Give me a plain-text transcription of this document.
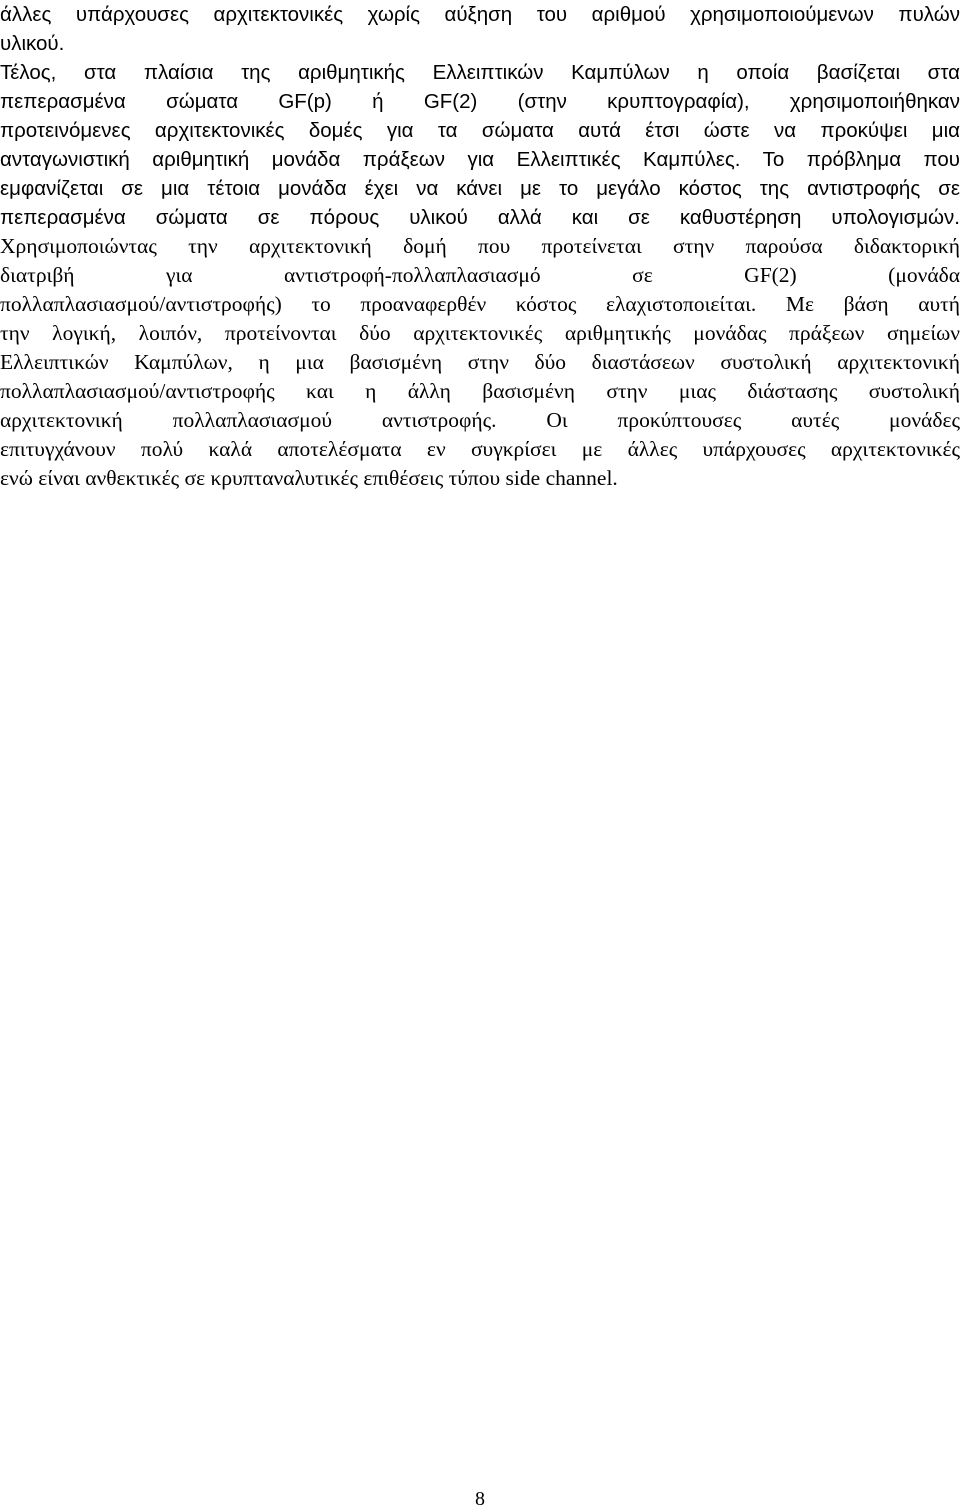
άλλες υπάρχουσες αρχιτεκτονικές χωρίς αύξηση του αριθμού χρησιμοποιούμενων πυλών
υλικού.
Τέλος, στα πλαίσια της αριθμητικής Ελλειπτικών Καμπύλων η οποία βασίζεται στα
πεπερασμένα σώματα GF(p) ή GF(2) (στην κρυπτογραφία), χρησιμοποιήθηκαν
προτεινόμενες αρχιτεκτονικές δομές για τα σώματα αυτά έτσι ώστε να προκύψει μια
ανταγωνιστική αριθμητική μονάδα πράξεων για Ελλειπτικές Καμπύλες. Το πρόβλημα που
εμφανίζεται σε μια τέτοια μονάδα έχει να κάνει με το μεγάλο κόστος της αντιστροφής σε
πεπερασμένα σώματα σε πόρους υλικού αλλά και σε καθυστέρηση υπολογισμών.
Χρησιμοποιώντας την αρχιτεκτονική δομή που προτείνεται στην παρούσα διδακτορική
διατριβή για αντιστροφή-πολλαπλασιασμό σε GF(2) (μονάδα
πολλαπλασιασμού/αντιστροφής) το προαναφερθέν κόστος ελαχιστοποιείται. Με βάση αυτή
την λογική, λοιπόν, προτείνονται δύο αρχιτεκτονικές αριθμητικής μονάδας πράξεων σημείων
Ελλειπτικών Καμπύλων, η μια βασισμένη στην δύο διαστάσεων συστολική αρχιτεκτονική
πολλαπλασιασμού/αντιστροφής και η άλλη βασισμένη στην μιας διάστασης συστολική
αρχιτεκτονική πολλαπλασιασμού αντιστροφής. Οι προκύπτουσες αυτές μονάδες
επιτυγχάνουν πολύ καλά αποτελέσματα εν συγκρίσει με άλλες υπάρχουσες αρχιτεκτονικές
ενώ είναι ανθεκτικές σε κρυπταναλυτικές επιθέσεις τύπου side channel.
8
